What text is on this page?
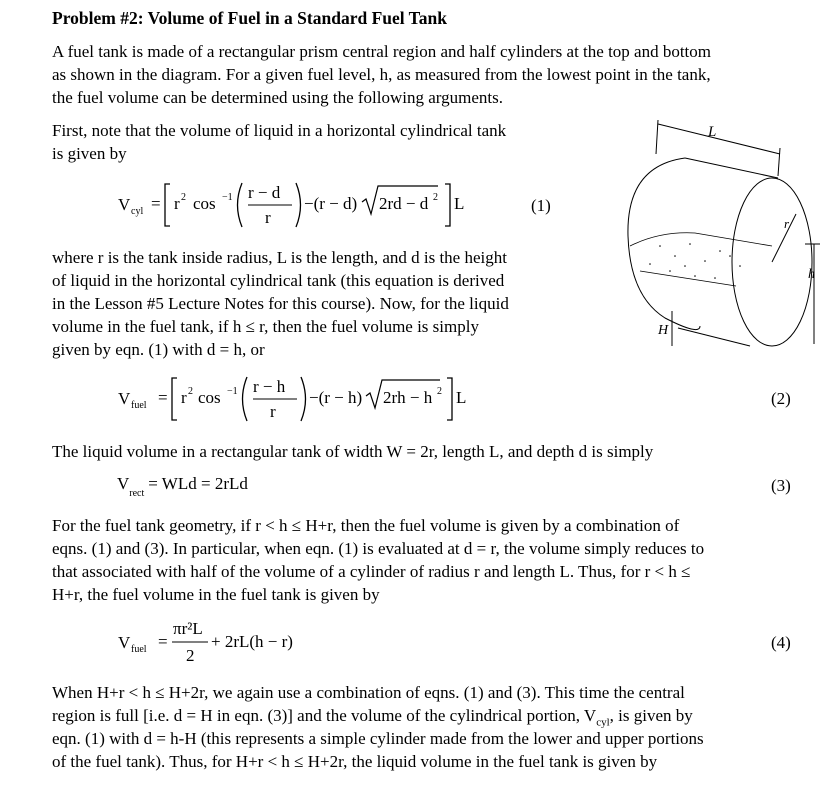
Problem #2: Volume of Fuel in a Standard Fuel Tank
A fuel tank is made of a rectangular prism central region and half cylinders at the top and bottom
as shown in the diagram. For a given fuel level, h, as measured from the lowest point in the tank,
the fuel volume can be determined using the following arguments.
First, note that the volume of liquid in a horizontal cylindrical tank
is given by
V cyl = r 2 cos −1 r − d
r
−(r − d) 2rd − d 2 L	(1)
where r is the tank inside radius, L is the length, and d is the height
of liquid in the horizontal cylindrical tank (this equation is derived
in the Lesson #5 Lecture Notes for this course). Now, for the liquid
volume in the fuel tank, if h ≤ r, then the fuel volume is simply
given by eqn. (1) with d = h, or
V fuel = r 2 cos −1 r − h
r
−(r − h) 2rh − h 2 L	(2)
The liquid volume in a rectangular tank of width W = 2r, length L, and depth d is simply
$V_{rect}=$ WLd = 2rLd	(3)
For the fuel tank geometry, if r < h ≤ H+r, then the fuel volume is given by a combination of
eqns. (1) and (3). In particular, when eqn. (1) is evaluated at d = r, the volume simply reduces to
that associated with half of the volume of a cylinder of radius r and length L. Thus, for r < h ≤
H+r, the fuel volume in the fuel tank is given by
V fuel =
πr²L
2
+ 2rL(h − r)	(4)
When H+r < h ≤ H+2r, we again use a combination of eqns. (1) and (3). This time the central
region is full [i.e. d = H in eqn. (3)] and the volume of the cylindrical portion, $V_{cyl}$, is given by
eqn. (1) with d = h-H (this represents a simple cylinder made from the lower and upper portions
of the fuel tank). Thus, for H+r < h ≤ H+2r, the liquid volume in the fuel tank is given by
L
r
h
H
